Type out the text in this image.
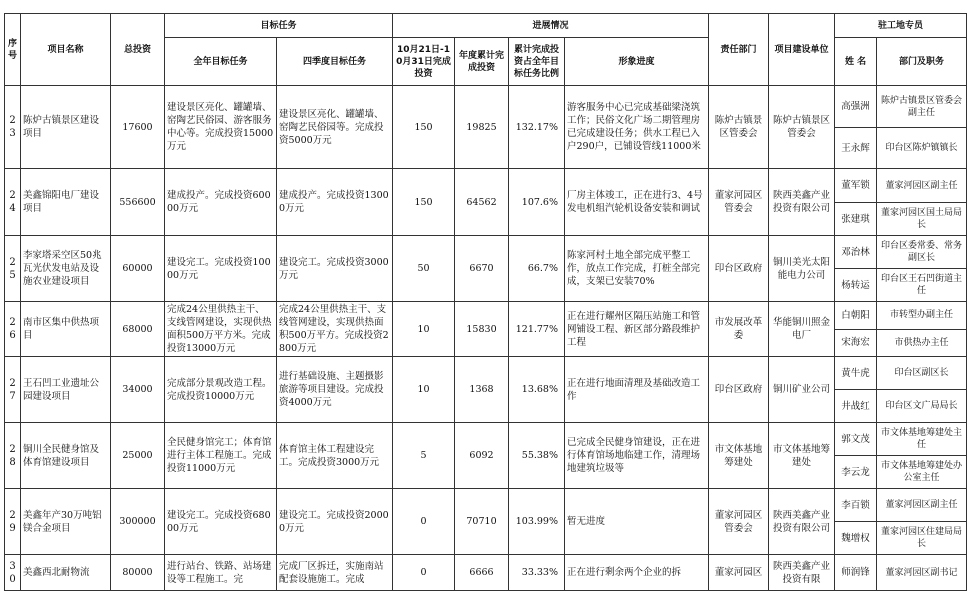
序号	项目名称	总投资	目标任务		进展情况				责任部门	项目建设单位	驻工地专员	
			全年目标任务	四季度目标任务	10月21日-10月31日完成投资	年度累计完成投资	累计完成投资占全年目标任务比例	形象进度			姓 名	部门及职务
23	陈炉古镇景区建设项目	17600	建设景区亮化、罐罐墙、窑陶艺民俗园、游客服务中心等。完成投资15000万元	建设景区亮化、罐罐墙、窑陶艺民俗园等。完成投资5000万元	150	19825	132.17%	游客服务中心已完成基础梁浇筑工作；民俗文化广场二期管理房已完成建设任务；供水工程已入户290户，已铺设管线11000米	陈炉古镇景区管委会	陈炉古镇景区管委会	高强洲	陈炉古镇景区管委会副主任
											王永辉	印台区陈炉镇镇长
24	美鑫锦阳电厂建设项目	556600	建成投产。完成投资60000万元	建成投产。完成投资13000万元	150	64562	107.6%	厂房主体竣工，正在进行3、4号发电机组汽轮机设备安装和调试	董家河园区管委会	陕西美鑫产业投资有限公司	董军锁	董家河园区副主任
											张建琪	董家河园区国土局局长
25	李家塔采空区50兆瓦光伏发电站及设施农业建设项目	60000	建设完工。完成投资10000万元	建设完工。完成投资3000万元	50	6670	66.7%	陈家河村土地全部完成平整工作，放点工作完成，打桩全部完成，支架已安装70%	印台区政府	铜川美光太阳能电力公司	邓治林	印台区委常委、常务副区长
											杨转运	印台区王石凹街道主任
26	南市区集中供热项目	68000	完成24公里供热主干、支线管网建设，实现供热面积500万平方米。完成投资13000万元	完成24公里供热主干、支线管网建设，实现供热面积500万平方。完成投资2800万元	10	15830	121.77%	正在进行耀州区隔压站施工和管网铺设工程、新区部分路段维护工程	市发展改革委	华能铜川照金电厂	白朝阳	市转型办副主任
											宋海宏	市供热办主任
27	王石凹工业遗址公园建设项目	34000	完成部分景观改造工程。完成投资10000万元	进行基础设施、主题摄影旅游等项目建设。完成投资4000万元	10	1368	13.68%	正在进行地面清理及基础改造工作	印台区政府	铜川矿业公司	黄牛虎	印台区副区长
											井战红	印台区文广局局长
28	铜川全民健身馆及体育馆建设项目	25000	全民健身馆完工；体育馆进行主体工程施工。完成投资11000万元	体育馆主体工程建设完工。完成投资3000万元	5	6092	55.38%	已完成全民健身馆建设，正在进行体育馆场地临建工作，清理场地建筑垃圾等	市文体基地筹建处	市文体基地筹建处	郭文茂	市文体基地筹建处主任
											李云龙	市文体基地筹建处办公室主任
29	美鑫年产30万吨铝镁合金项目	300000	建设完工。完成投资68000万元	建设完工。完成投资20000万元	0	70710	103.99%	暂无进度	董家河园区管委会	陕西美鑫产业投资有限公司	李百锁	董家河园区副主任
											魏增权	董家河园区住建局局长
30	美鑫西北耐物流	80000	进行站台、铁路、站场建设等工程施工。完	完成厂区拆迁，实施南站配套设施施工。完成	0	6666	33.33%	正在进行剩余两个企业的拆	董家河园区	陕西美鑫产业投资有限	师润锋	董家河园区副书记
